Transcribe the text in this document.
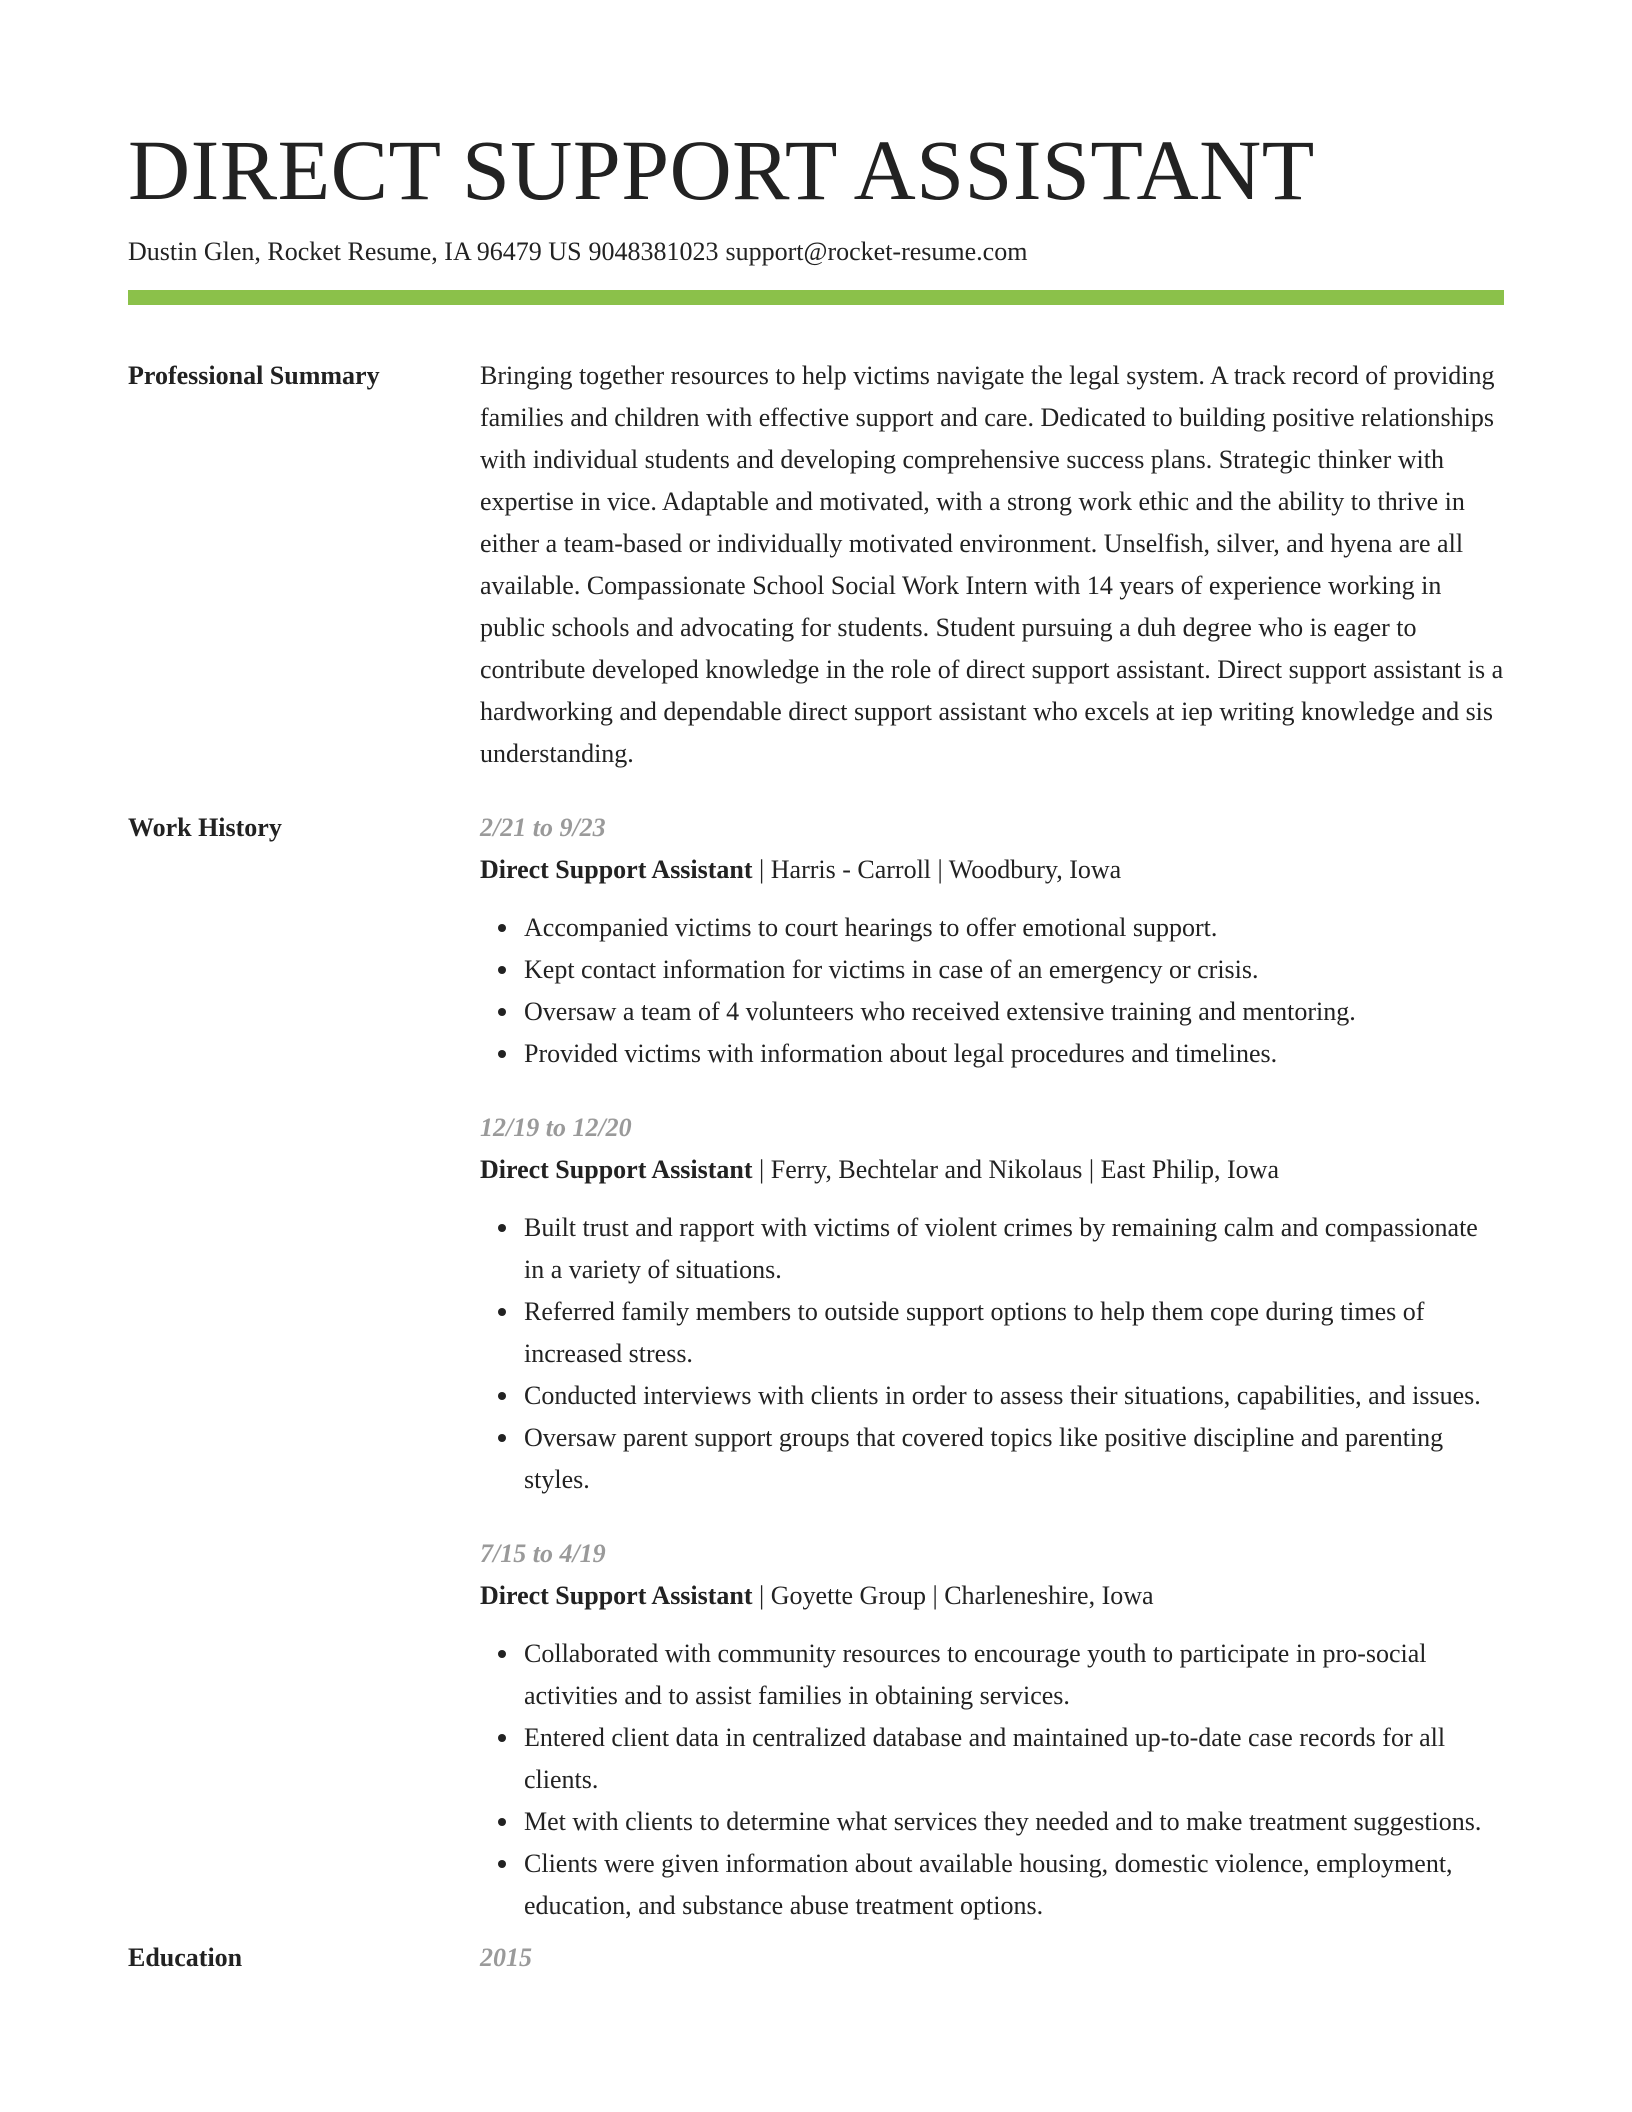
DIRECT SUPPORT ASSISTANT
Dustin Glen, Rocket Resume, IA 96479 US 9048381023 support@rocket-resume.com
Professional Summary	Bringing together resources to help victims navigate the legal system. A track record of providing families and children with effective support and care. Dedicated to building positive relationships with individual students and developing comprehensive success plans. Strategic thinker with expertise in vice. Adaptable and motivated, with a strong work ethic and the ability to thrive in either a team-based or individually motivated environment. Unselfish, silver, and hyena are all available. Compassionate School Social Work Intern with 14 years of experience working in public schools and advocating for students. Student pursuing a duh degree who is eager to contribute developed knowledge in the role of direct support assistant. Direct support assistant is a hardworking and dependable direct support assistant who excels at iep writing knowledge and sis understanding.

Work History	2/21 to 9/23
Direct Support Assistant | Harris - Carroll | Woodbury, Iowa
Accompanied victims to court hearings to offer emotional support.
Kept contact information for victims in case of an emergency or crisis.
Oversaw a team of 4 volunteers who received extensive training and mentoring.
Provided victims with information about legal procedures and timelines.
12/19 to 12/20
Direct Support Assistant | Ferry, Bechtelar and Nikolaus | East Philip, Iowa
Built trust and rapport with victims of violent crimes by remaining calm and compassionate in a variety of situations.
Referred family members to outside support options to help them cope during times of increased stress.
Conducted interviews with clients in order to assess their situations, capabilities, and issues.
Oversaw parent support groups that covered topics like positive discipline and parenting styles.
7/15 to 4/19
Direct Support Assistant | Goyette Group | Charleneshire, Iowa
Collaborated with community resources to encourage youth to participate in pro-social activities and to assist families in obtaining services.
Entered client data in centralized database and maintained up-to-date case records for all clients.
Met with clients to determine what services they needed and to make treatment suggestions.
Clients were given information about available housing, domestic violence, employment, education, and substance abuse treatment options.
Education	2015
